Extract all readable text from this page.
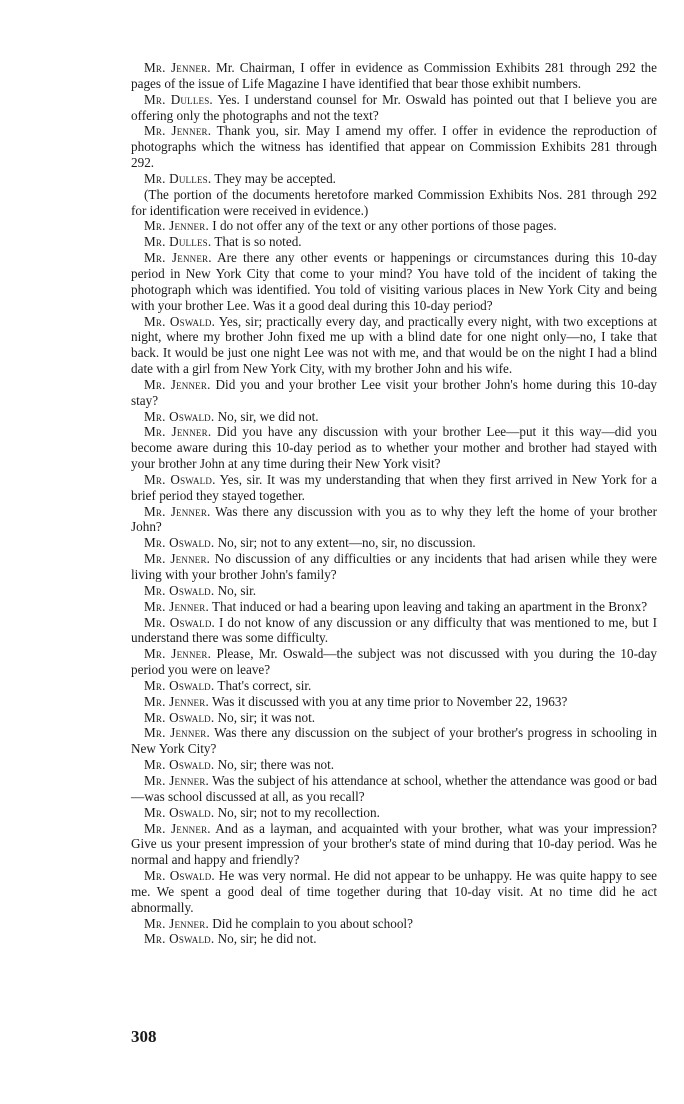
Mr. Jenner. Mr. Chairman, I offer in evidence as Commission Exhibits 281 through 292 the pages of the issue of Life Magazine I have identified that bear those exhibit numbers.

Mr. Dulles. Yes. I understand counsel for Mr. Oswald has pointed out that I believe you are offering only the photographs and not the text?

Mr. Jenner. Thank you, sir. May I amend my offer. I offer in evidence the reproduction of photographs which the witness has identified that appear on Commission Exhibits 281 through 292.

Mr. Dulles. They may be accepted.

(The portion of the documents heretofore marked Commission Exhibits Nos. 281 through 292 for identification were received in evidence.)

Mr. Jenner. I do not offer any of the text or any other portions of those pages.

Mr. Dulles. That is so noted.

Mr. Jenner. Are there any other events or happenings or circumstances during this 10-day period in New York City that come to your mind? You have told of the incident of taking the photograph which was identified. You told of visiting various places in New York City and being with your brother Lee. Was it a good deal during this 10-day period?

Mr. Oswald. Yes, sir; practically every day, and practically every night, with two exceptions at night, where my brother John fixed me up with a blind date for one night only—no, I take that back. It would be just one night Lee was not with me, and that would be on the night I had a blind date with a girl from New York City, with my brother John and his wife.

Mr. Jenner. Did you and your brother Lee visit your brother John's home during this 10-day stay?

Mr. Oswald. No, sir, we did not.

Mr. Jenner. Did you have any discussion with your brother Lee—put it this way—did you become aware during this 10-day period as to whether your mother and brother had stayed with your brother John at any time during their New York visit?

Mr. Oswald. Yes, sir. It was my understanding that when they first arrived in New York for a brief period they stayed together.

Mr. Jenner. Was there any discussion with you as to why they left the home of your brother John?

Mr. Oswald. No, sir; not to any extent—no, sir, no discussion.

Mr. Jenner. No discussion of any difficulties or any incidents that had arisen while they were living with your brother John's family?

Mr. Oswald. No, sir.

Mr. Jenner. That induced or had a bearing upon leaving and taking an apartment in the Bronx?

Mr. Oswald. I do not know of any discussion or any difficulty that was mentioned to me, but I understand there was some difficulty.

Mr. Jenner. Please, Mr. Oswald—the subject was not discussed with you during the 10-day period you were on leave?

Mr. Oswald. That's correct, sir.

Mr. Jenner. Was it discussed with you at any time prior to November 22, 1963?

Mr. Oswald. No, sir; it was not.

Mr. Jenner. Was there any discussion on the subject of your brother's progress in schooling in New York City?

Mr. Oswald. No, sir; there was not.

Mr. Jenner. Was the subject of his attendance at school, whether the attendance was good or bad—was school discussed at all, as you recall?

Mr. Oswald. No, sir; not to my recollection.

Mr. Jenner. And as a layman, and acquainted with your brother, what was your impression? Give us your present impression of your brother's state of mind during that 10-day period. Was he normal and happy and friendly?

Mr. Oswald. He was very normal. He did not appear to be unhappy. He was quite happy to see me. We spent a good deal of time together during that 10-day visit. At no time did he act abnormally.

Mr. Jenner. Did he complain to you about school?

Mr. Oswald. No, sir; he did not.

308
